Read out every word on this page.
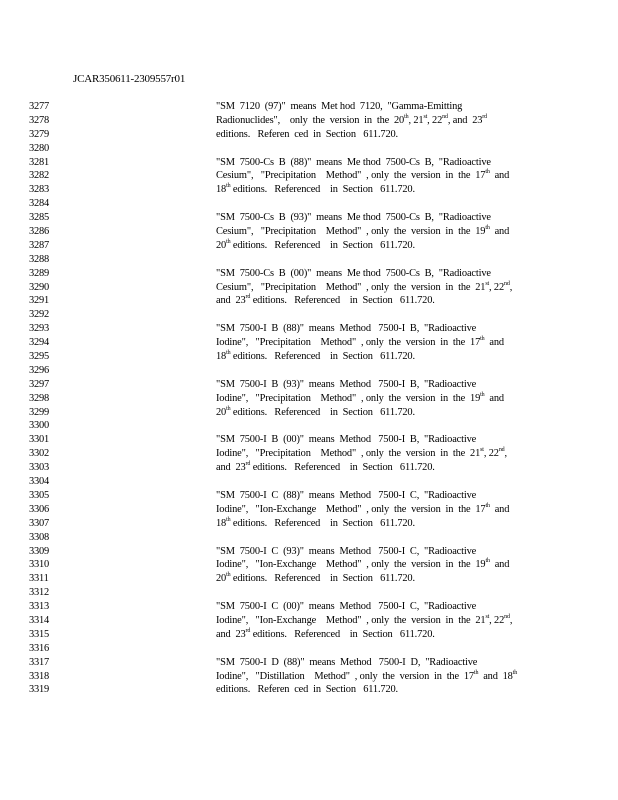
JCAR350611-2309557r01
3277	"SM  7120  (97)"  means  Met hod  7120,  "Gamma-Emitting
3278	Radionuclides",    only  the  version  in  the  20th, 21st, 22nd, and  23rd
3279	editions.   Referen  ced  in  Section   611.720.
3280
3281	"SM  7500-Cs  B  (88)"  means  Me thod  7500-Cs  B,  "Radioactive
3282	Cesium",   "Precipitation    Method"  , only  the  version  in  the  17th  and
3283	18th editions.   Referenced    in  Section   611.720.
3284
3285	"SM  7500-Cs  B  (93)"  means  Me thod  7500-Cs  B,  "Radioactive
3286	Cesium",   "Precipitation    Method"  , only  the  version  in  the  19th  and
3287	20th editions.   Referenced    in  Section   611.720.
3288
3289	"SM  7500-Cs  B  (00)"  means  Me thod  7500-Cs  B,  "Radioactive
3290	Cesium",   "Precipitation    Method"  , only  the  version  in  the  21st, 22nd,
3291	and  23rd editions.   Referenced    in  Section   611.720.
3292
3293	"SM  7500-I  B  (88)"  means  Method   7500-I  B,  "Radioactive
3294	Iodine",   "Precipitation    Method"  , only  the  version  in  the  17th  and
3295	18th editions.   Referenced    in  Section   611.720.
3296
3297	"SM  7500-I  B  (93)"  means  Method   7500-I  B,  "Radioactive
3298	Iodine",   "Precipitation    Method"  , only  the  version  in  the  19th  and
3299	20th editions.   Referenced    in  Section   611.720.
3300
3301	"SM  7500-I  B  (00)"  means  Method   7500-I  B,  "Radioactive
3302	Iodine",   "Precipitation    Method"  , only  the  version  in  the  21st, 22nd,
3303	and  23rd editions.   Referenced    in  Section   611.720.
3304
3305	"SM  7500-I  C  (88)"  means  Method   7500-I  C,  "Radioactive
3306	Iodine",   "Ion-Exchange    Method"  , only  the  version  in  the  17th  and
3307	18th editions.   Referenced    in  Section   611.720.
3308
3309	"SM  7500-I  C  (93)"  means  Method   7500-I  C,  "Radioactive
3310	Iodine",   "Ion-Exchange    Method"  , only  the  version  in  the  19th  and
3311	20th editions.   Referenced    in  Section   611.720.
3312
3313	"SM  7500-I  C  (00)"  means  Method   7500-I  C,  "Radioactive
3314	Iodine",   "Ion-Exchange    Method"  , only  the  version  in  the  21st, 22nd,
3315	and  23rd editions.   Referenced    in  Section   611.720.
3316
3317	"SM  7500-I  D  (88)"  means  Method   7500-I  D,  "Radioactive
3318	Iodine",   "Distillation    Method"  , only  the  version  in  the  17th  and  18th
3319	editions.   Referen  ced  in  Section   611.720.
